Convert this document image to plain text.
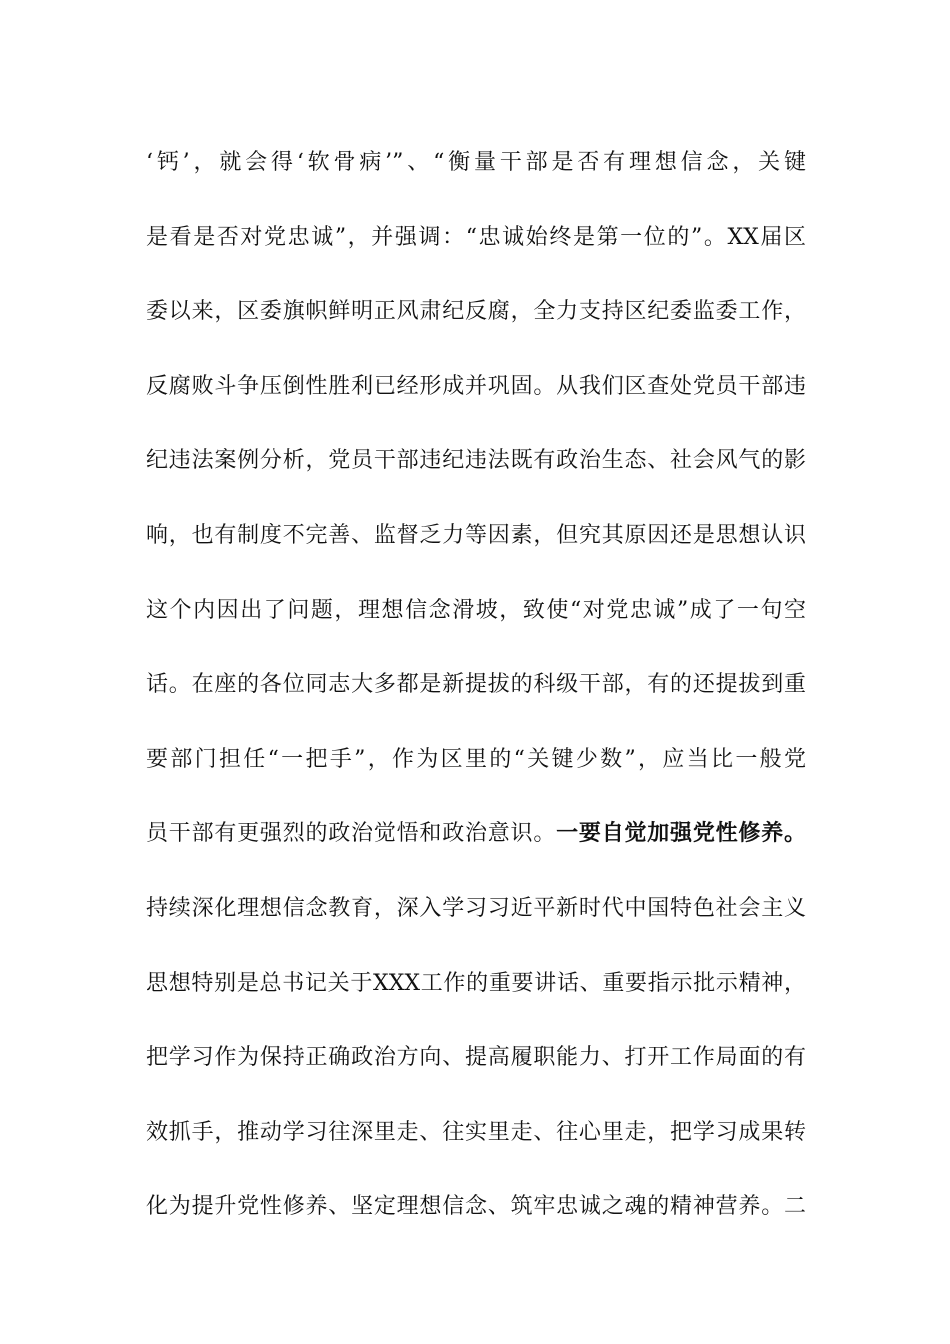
‘钙’，就会得‘软骨病’”、“衡量干部是否有理想信念，关键
是看是否对党忠诚”，并强调：“忠诚始终是第一位的”。XX届区
委以来，区委旗帜鲜明正风肃纪反腐，全力支持区纪委监委工作，
反腐败斗争压倒性胜利已经形成并巩固。从我们区查处党员干部违
纪违法案例分析，党员干部违纪违法既有政治生态、社会风气的影
响，也有制度不完善、监督乏力等因素，但究其原因还是思想认识
这个内因出了问题，理想信念滑坡，致使“对党忠诚”成了一句空
话。在座的各位同志大多都是新提拔的科级干部，有的还提拔到重
要部门担任“一把手”，作为区里的“关键少数”，应当比一般党
员干部有更强烈的政治觉悟和政治意识。一要自觉加强党性修养。
持续深化理想信念教育，深入学习习近平新时代中国特色社会主义
思想特别是总书记关于XXX工作的重要讲话、重要指示批示精神，
把学习作为保持正确政治方向、提高履职能力、打开工作局面的有
效抓手，推动学习往深里走、往实里走、往心里走，把学习成果转
化为提升党性修养、坚定理想信念、筑牢忠诚之魂的精神营养。二
